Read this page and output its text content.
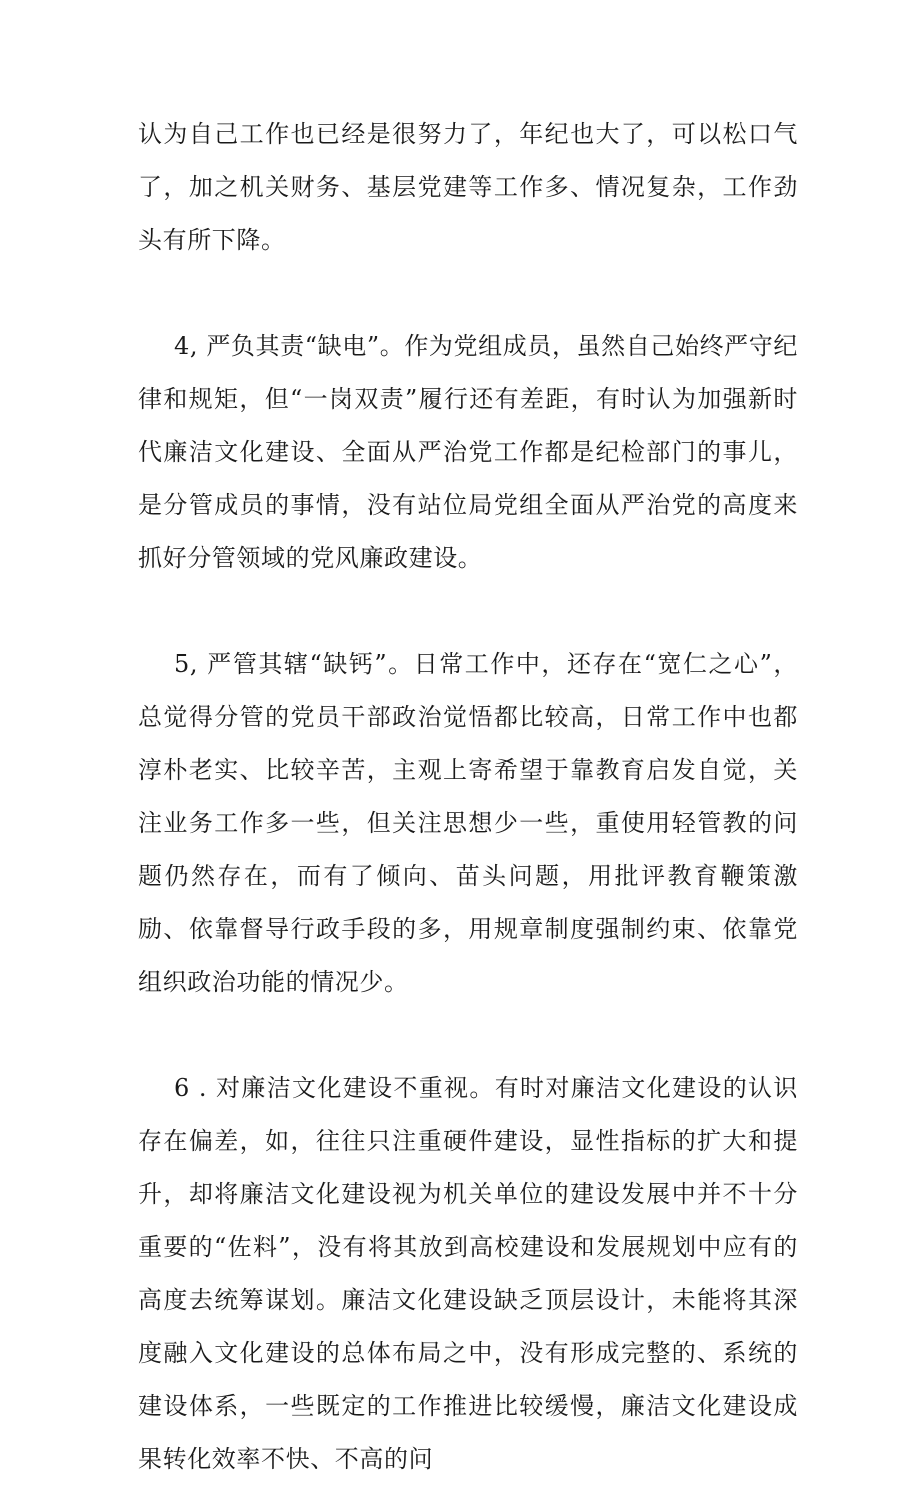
认为自己工作也已经是很努力了，年纪也大了，可以松口气了，加之机关财务、基层党建等工作多、情况复杂，工作劲头有所下降。

4, 严负其责“缺电”。作为党组成员，虽然自己始终严守纪律和规矩，但“一岗双责”履行还有差距，有时认为加强新时代廉洁文化建设、全面从严治党工作都是纪检部门的事儿，是分管成员的事情，没有站位局党组全面从严治党的高度来抓好分管领域的党风廉政建设。

5, 严管其辖“缺钙”。日常工作中，还存在“宽仁之心”，总觉得分管的党员干部政治觉悟都比较高，日常工作中也都淳朴老实、比较辛苦，主观上寄希望于靠教育启发自觉，关注业务工作多一些，但关注思想少一些，重使用轻管教的问题仍然存在，而有了倾向、苗头问题，用批评教育鞭策激励、依靠督导行政手段的多，用规章制度强制约束、依靠党组织政治功能的情况少。

6 . 对廉洁文化建设不重视。有时对廉洁文化建设的认识存在偏差，如，往往只注重硬件建设，显性指标的扩大和提升，却将廉洁文化建设视为机关单位的建设发展中并不十分重要的“佐料”，没有将其放到高校建设和发展规划中应有的高度去统筹谋划。廉洁文化建设缺乏顶层设计，未能将其深度融入文化建设的总体布局之中，没有形成完整的、系统的建设体系，一些既定的工作推进比较缓慢，廉洁文化建设成果转化效率不快、不高的问
